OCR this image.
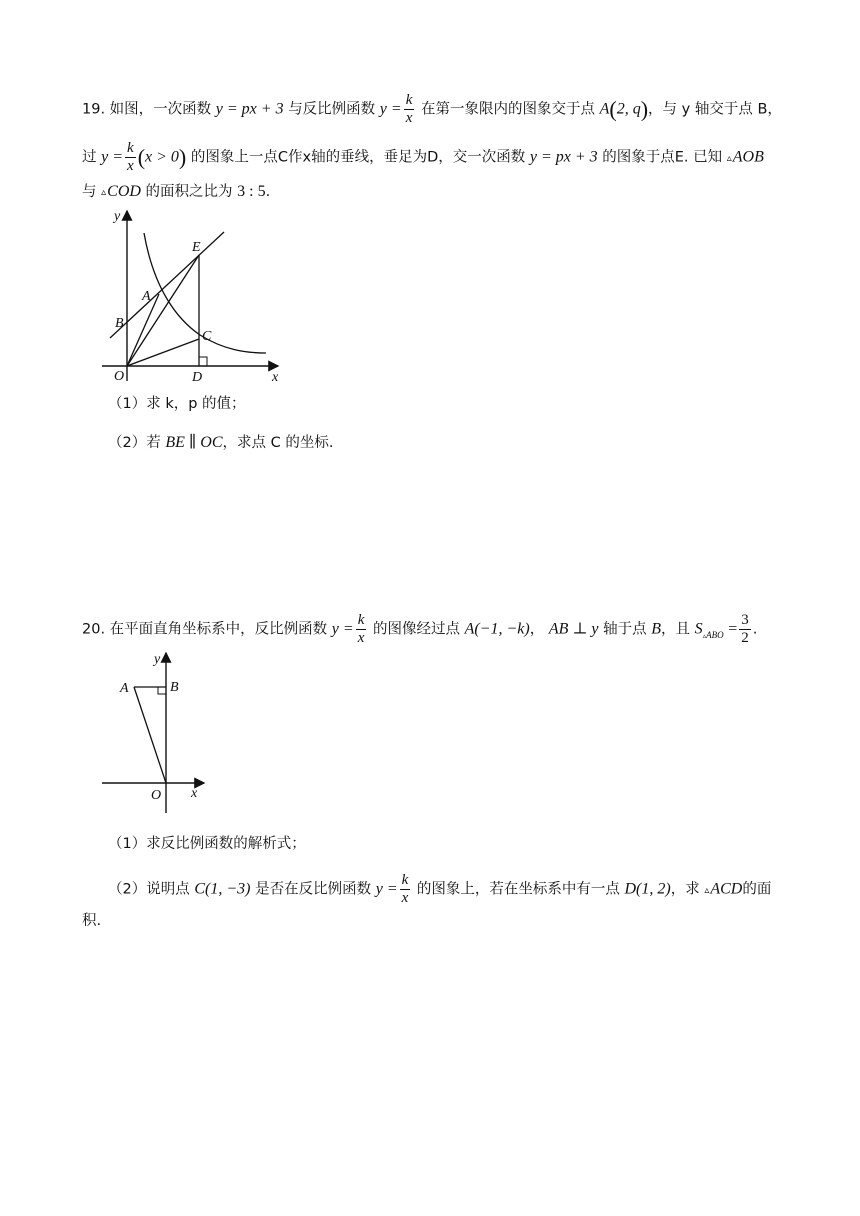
19. 如图，一次函数 y = px + 3 与反比例函数 $y = \frac{k}{x}$ 在第一象限内的图象交于点 A(2, q)，与 y 轴交于点 B，
过 $y = \frac{k}{x} (x > 0)$ 的图象上一点C作x轴的垂线，垂足为D，交一次函数 y = px + 3 的图象于点E. 已知 ▵AOB
与 ▵COD 的面积之比为 3 : 5.
y
x
O	D
E
A
B
C
（1）求 k，p 的值；
（2）若 BE ∥ OC，求点 C 的坐标.
20. 在平面直角坐标系中，反比例函数 $y = \frac{k}{x}$ 的图像经过点 A(−1, −k)， AB ⊥ y 轴于点 B，且 $S_{▵ABO} = \frac{3}{2}$ .
y
x
O
A	B
（1）求反比例函数的解析式；
（2）说明点 C(1, −3) 是否在反比例函数 $y = \frac{k}{x}$ 的图象上，若在坐标系中有一点 D(1, 2)，求 ▵ACD的面
积.
